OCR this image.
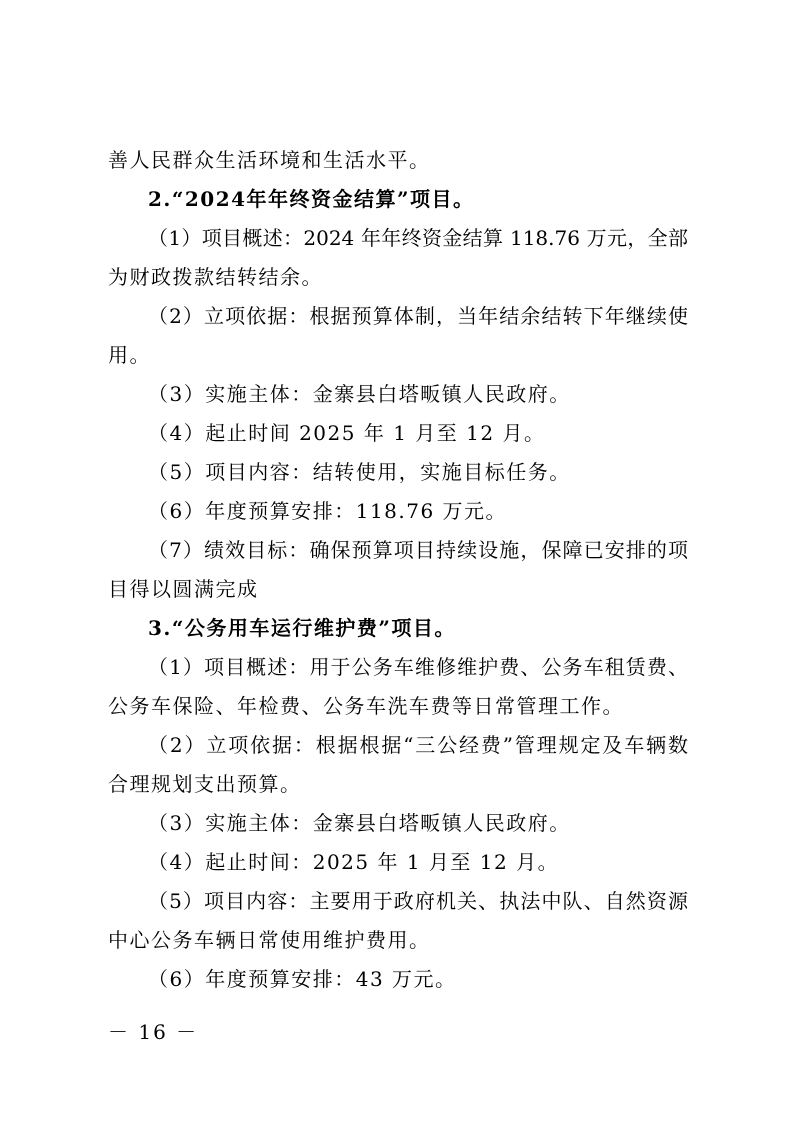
善人民群众生活环境和生活水平。
2.“2024年年终资金结算”项目。
（1）项目概述：2024 年年终资金结算 118.76 万元，全部
为财政拨款结转结余。
（2）立项依据：根据预算体制，当年结余结转下年继续使
用。
（3）实施主体：金寨县白塔畈镇人民政府。
（4）起止时间 2025 年 1 月至 12 月。
（5）项目内容：结转使用，实施目标任务。
（6）年度预算安排：118.76 万元。
（7）绩效目标：确保预算项目持续设施，保障已安排的项
目得以圆满完成
3.“公务用车运行维护费”项目。
（1）项目概述：用于公务车维修维护费、公务车租赁费、
公务车保险、年检费、公务车洗车费等日常管理工作。
（2）立项依据：根据根据“三公经费”管理规定及车辆数
合理规划支出预算。
（3）实施主体：金寨县白塔畈镇人民政府。
（4）起止时间：2025 年 1 月至 12 月。
（5）项目内容：主要用于政府机关、执法中队、自然资源
中心公务车辆日常使用维护费用。
（6）年度预算安排：43 万元。
－ 16 －
